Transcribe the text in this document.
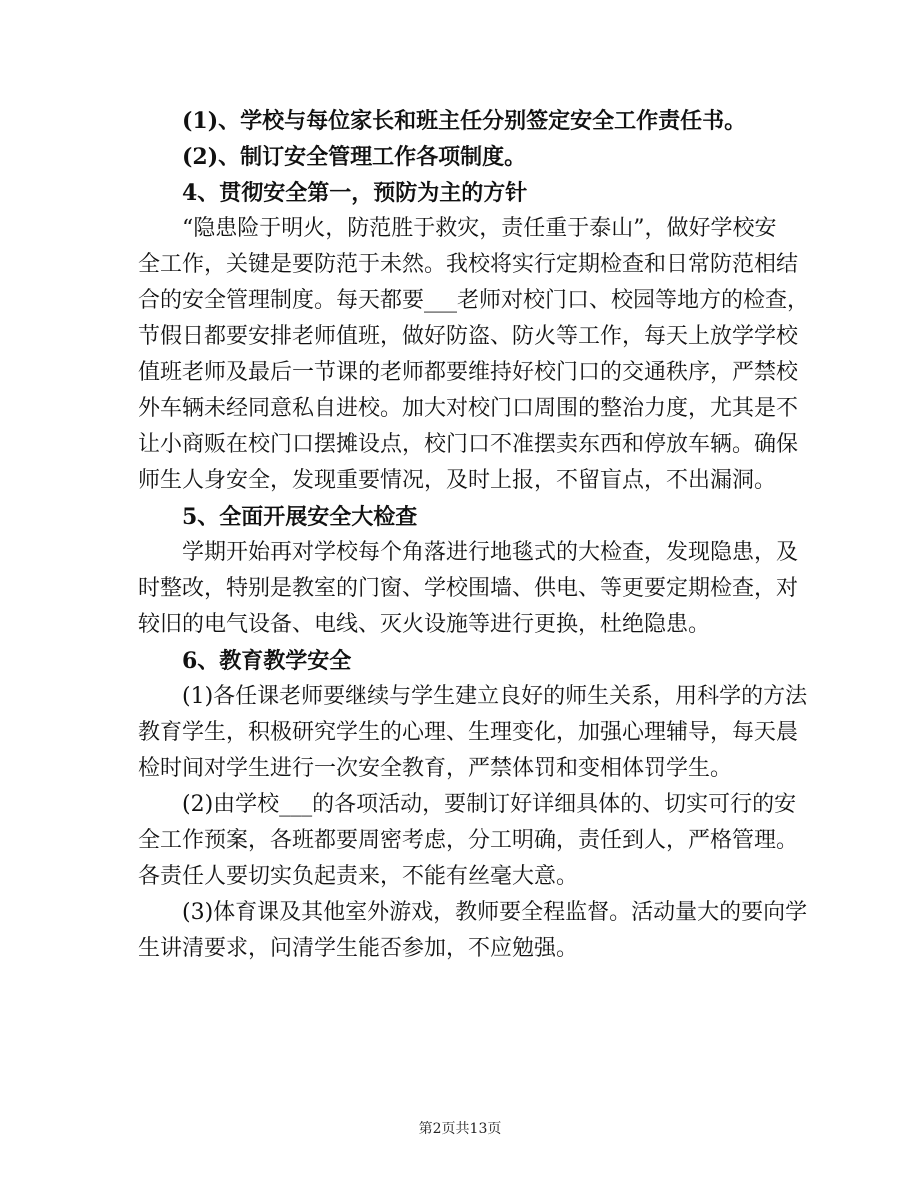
(1)、学校与每位家长和班主任分别签定安全工作责任书。

(2)、制订安全管理工作各项制度。

4、贯彻安全第一，预防为主的方针

“隐患险于明火，防范胜于救灾，责任重于泰山”，做好学校安

全工作，关键是要防范于未然。我校将实行定期检查和日常防范相结

合的安全管理制度。每天都要___老师对校门口、校园等地方的检查，

节假日都要安排老师值班，做好防盗、防火等工作，每天上放学学校

值班老师及最后一节课的老师都要维持好校门口的交通秩序，严禁校

外车辆未经同意私自进校。加大对校门口周围的整治力度，尤其是不

让小商贩在校门口摆摊设点，校门口不准摆卖东西和停放车辆。确保

师生人身安全，发现重要情况，及时上报，不留盲点，不出漏洞。

5、全面开展安全大检查

学期开始再对学校每个角落进行地毯式的大检查，发现隐患，及

时整改，特别是教室的门窗、学校围墙、供电、等更要定期检查，对

较旧的电气设备、电线、灭火设施等进行更换，杜绝隐患。

6、教育教学安全

(1)各任课老师要继续与学生建立良好的师生关系，用科学的方法

教育学生，积极研究学生的心理、生理变化，加强心理辅导，每天晨

检时间对学生进行一次安全教育，严禁体罚和变相体罚学生。

(2)由学校___的各项活动，要制订好详细具体的、切实可行的安

全工作预案，各班都要周密考虑，分工明确，责任到人，严格管理。

各责任人要切实负起责来，不能有丝毫大意。

(3)体育课及其他室外游戏，教师要全程监督。活动量大的要向学

生讲清要求，问清学生能否参加，不应勉强。

第2页共13页
